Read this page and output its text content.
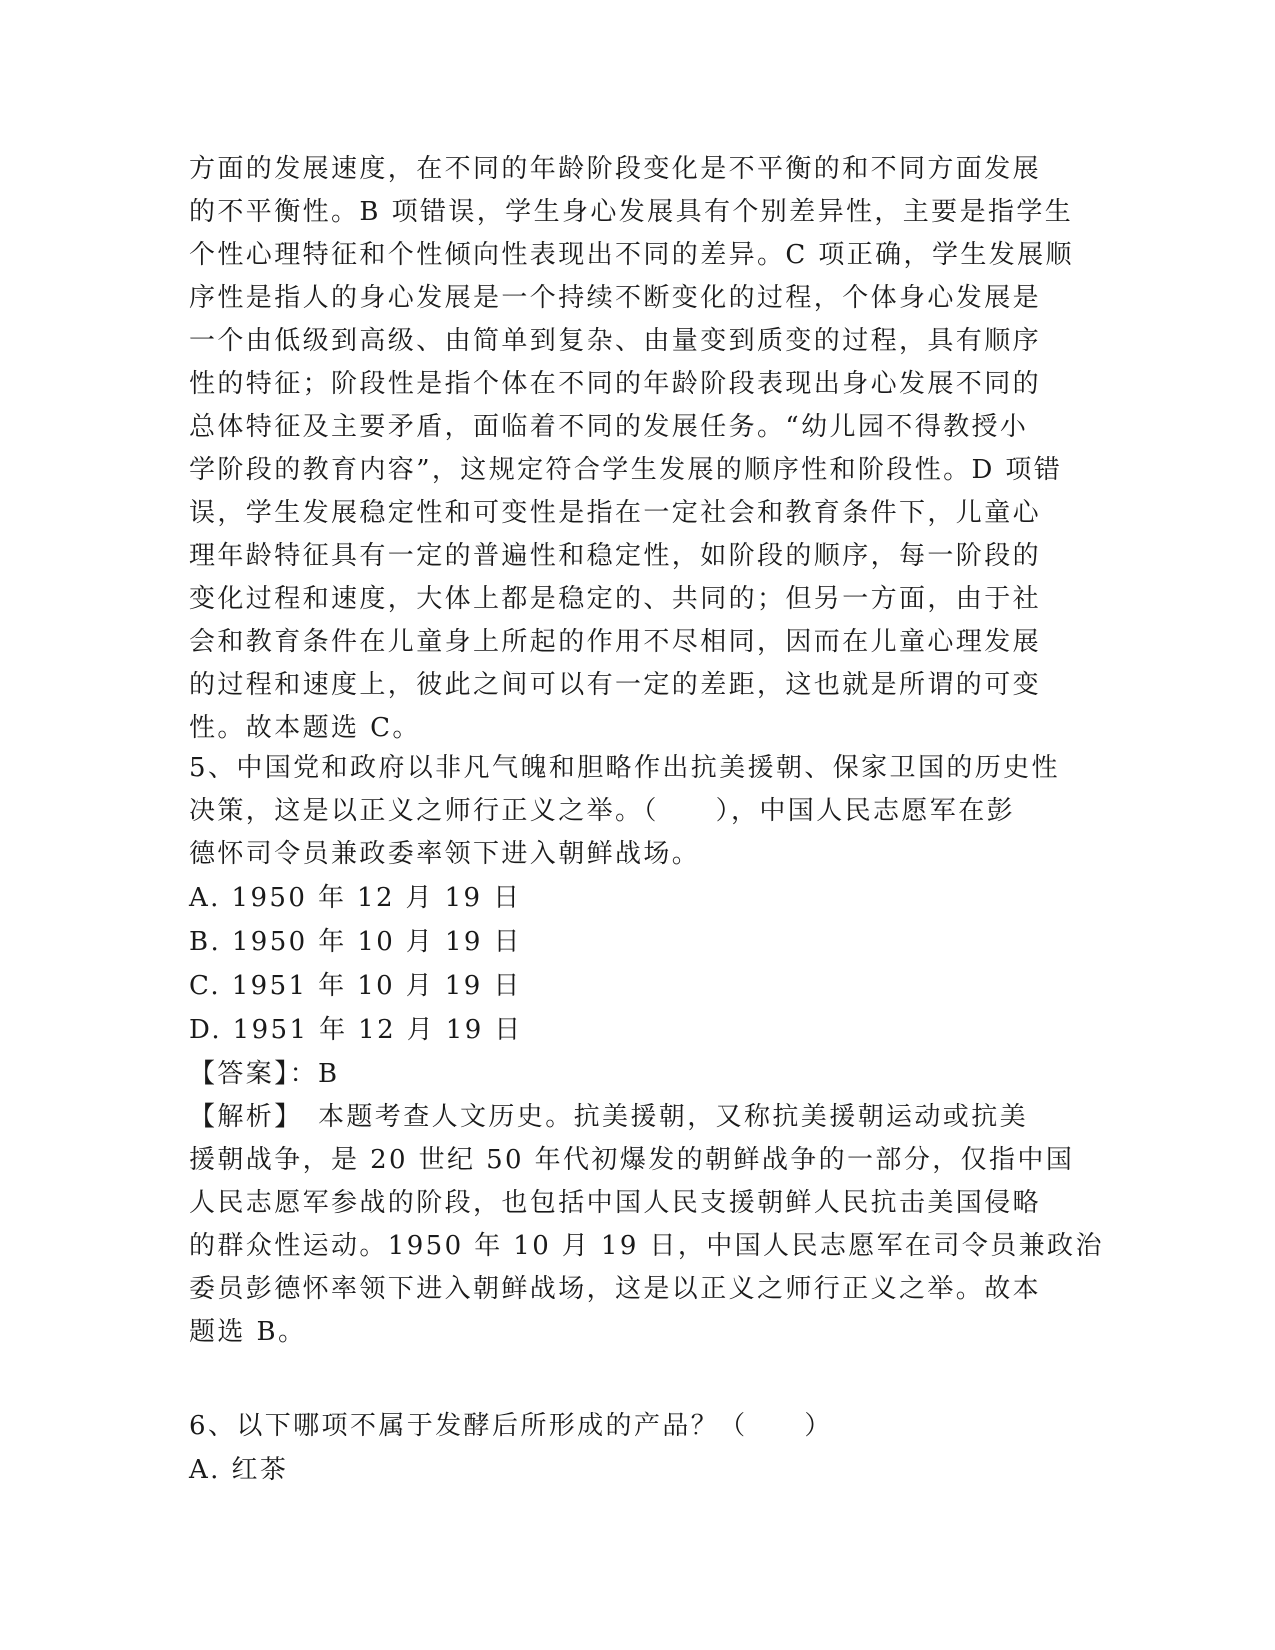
方面的发展速度，在不同的年龄阶段变化是不平衡的和不同方面发展
的不平衡性。B 项错误，学生身心发展具有个别差异性，主要是指学生
个性心理特征和个性倾向性表现出不同的差异。C 项正确，学生发展顺
序性是指人的身心发展是一个持续不断变化的过程，个体身心发展是
一个由低级到高级、由简单到复杂、由量变到质变的过程，具有顺序
性的特征；阶段性是指个体在不同的年龄阶段表现出身心发展不同的
总体特征及主要矛盾，面临着不同的发展任务。“幼儿园不得教授小
学阶段的教育内容”，这规定符合学生发展的顺序性和阶段性。D 项错
误，学生发展稳定性和可变性是指在一定社会和教育条件下，儿童心
理年龄特征具有一定的普遍性和稳定性，如阶段的顺序，每一阶段的
变化过程和速度，大体上都是稳定的、共同的；但另一方面，由于社
会和教育条件在儿童身上所起的作用不尽相同，因而在儿童心理发展
的过程和速度上，彼此之间可以有一定的差距，这也就是所谓的可变
性。故本题选 C。
5、中国党和政府以非凡气魄和胆略作出抗美援朝、保家卫国的历史性
决策，这是以正义之师行正义之举。（　　），中国人民志愿军在彭
德怀司令员兼政委率领下进入朝鲜战场。
A. 1950 年 12 月 19 日
B. 1950 年 10 月 19 日
C. 1951 年 10 月 19 日
D. 1951 年 12 月 19 日
【答案】：B
【解析】　本题考查人文历史。抗美援朝，又称抗美援朝运动或抗美
援朝战争，是 20 世纪 50 年代初爆发的朝鲜战争的一部分，仅指中国
人民志愿军参战的阶段，也包括中国人民支援朝鲜人民抗击美国侵略
的群众性运动。1950 年 10 月 19 日，中国人民志愿军在司令员兼政治
委员彭德怀率领下进入朝鲜战场，这是以正义之师行正义之举。故本
题选 B。
6、以下哪项不属于发酵后所形成的产品？（　　）
A. 红茶
